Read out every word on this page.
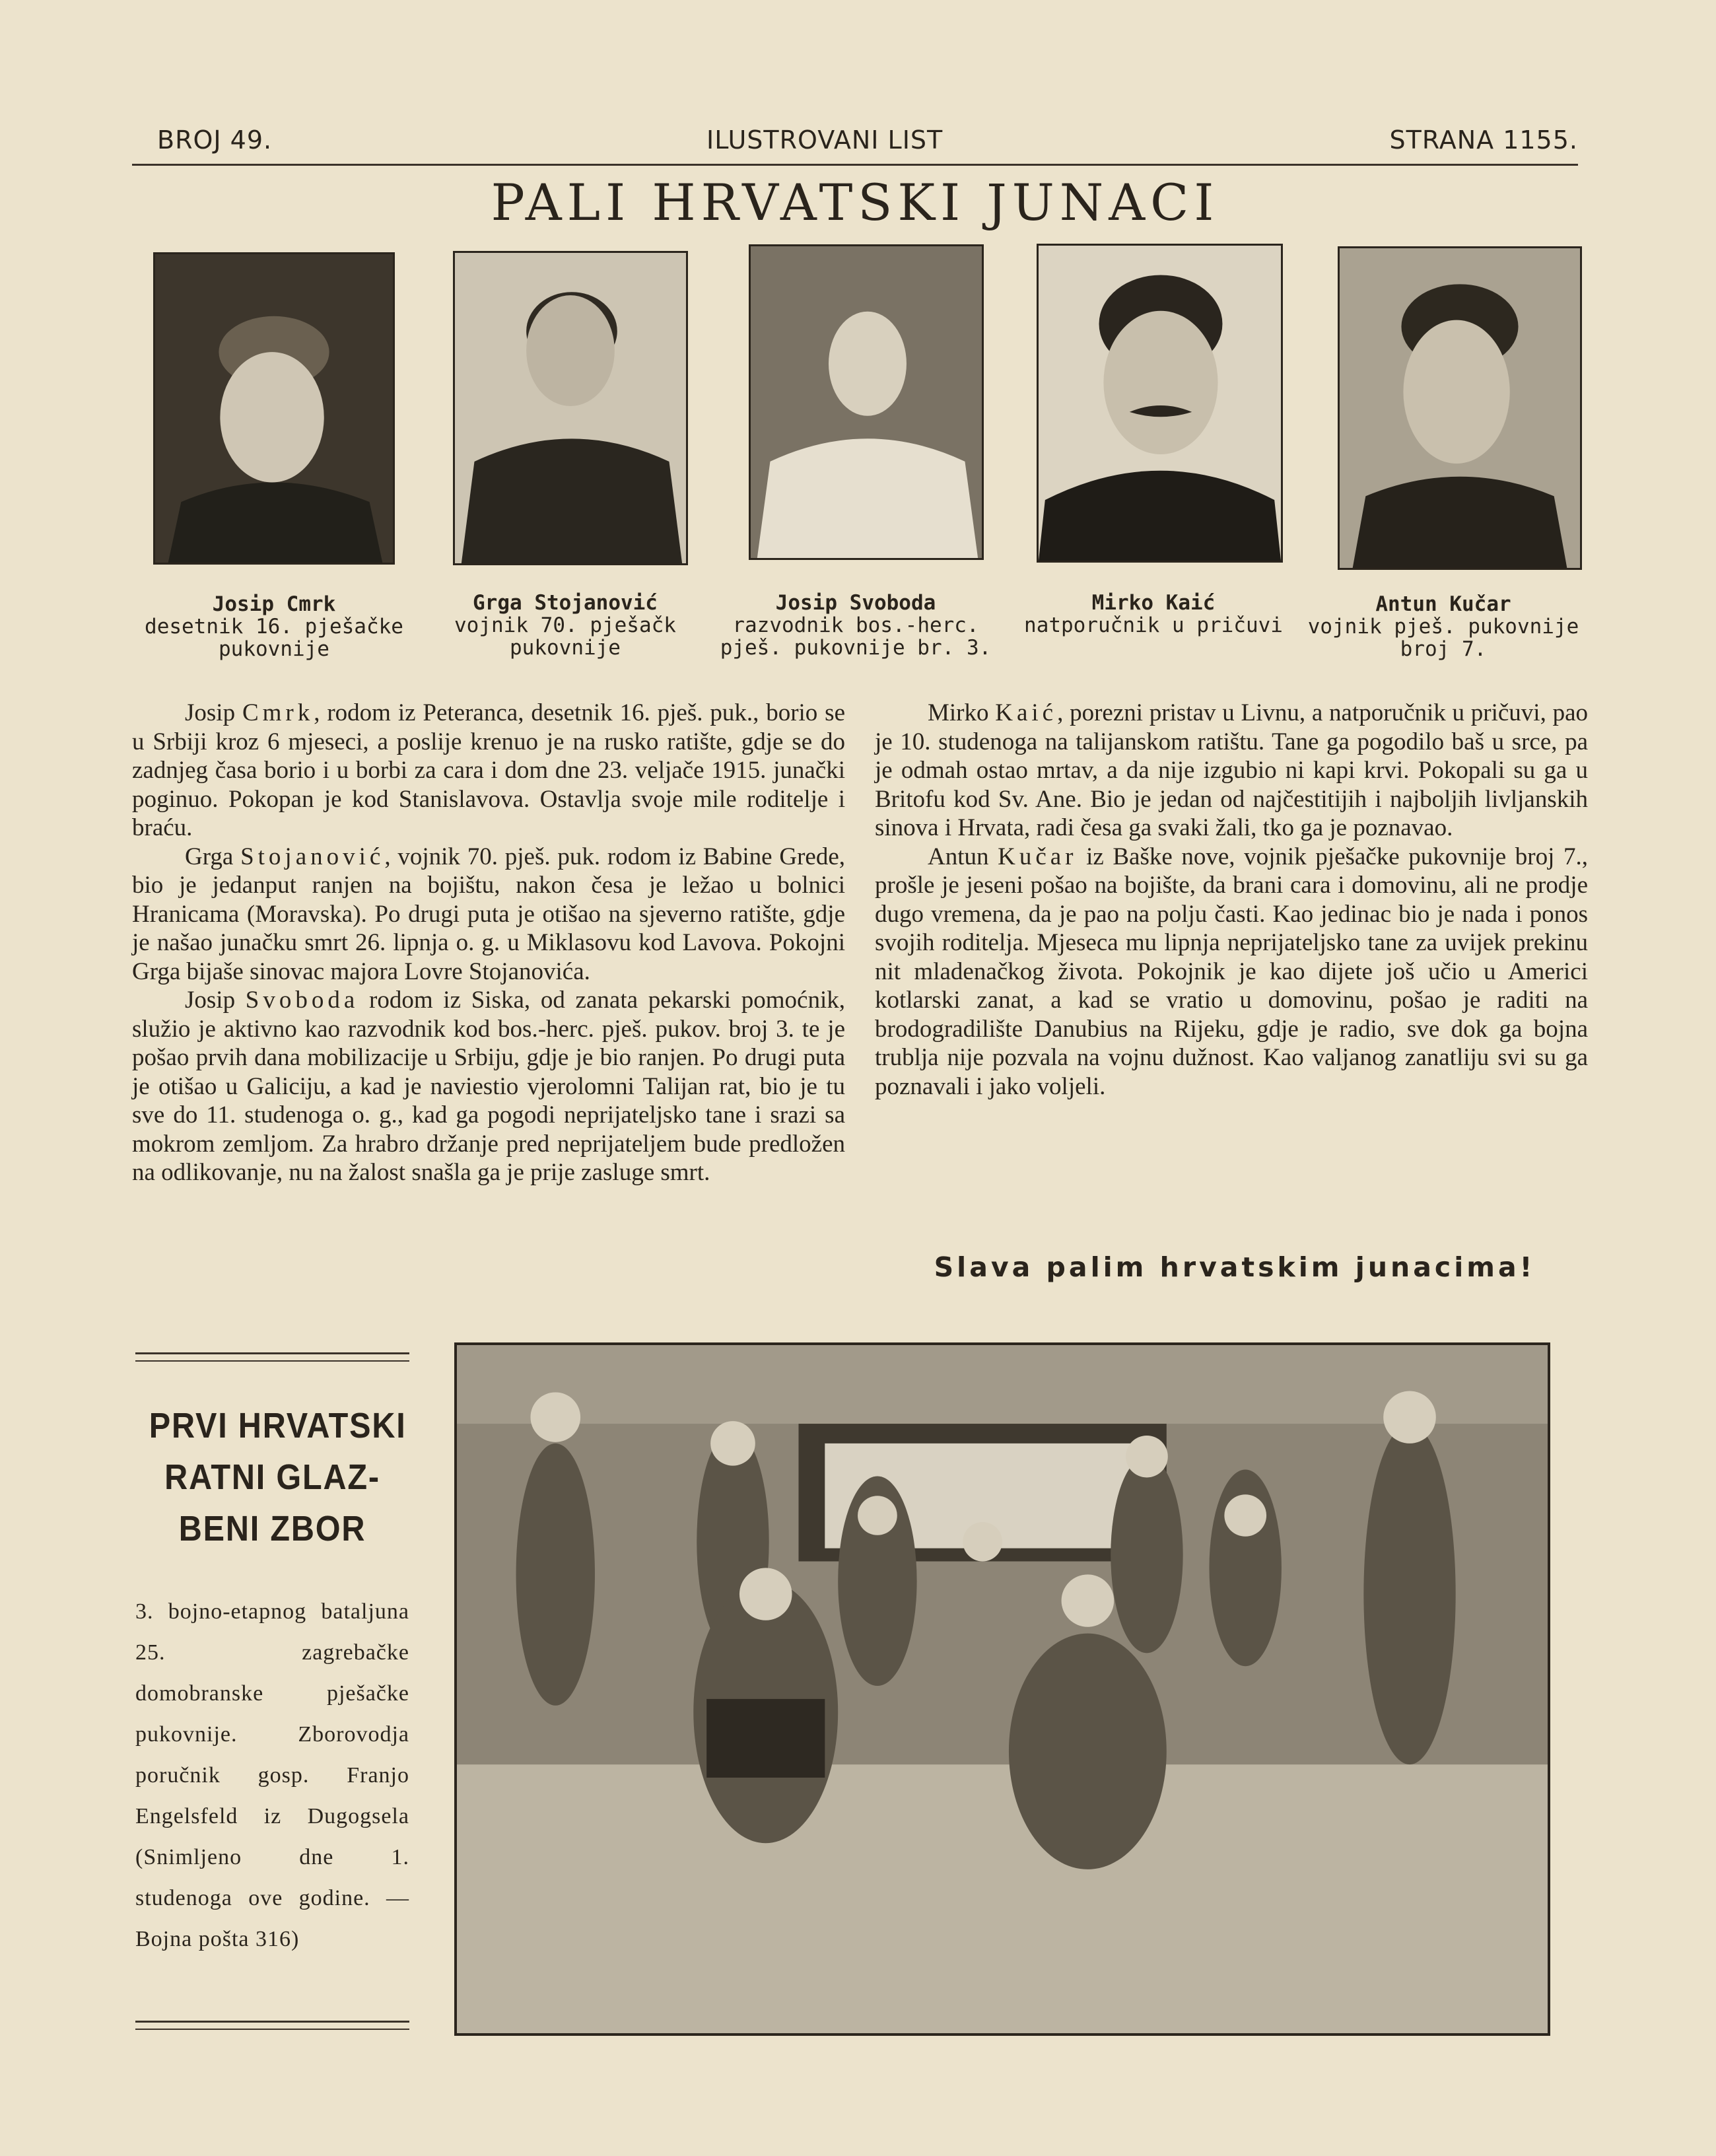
BROJ 49.	ILUSTROVANI LIST	STRANA 1155.
PALI HRVATSKI JUNACI
Josip Cmrk
desetnik 16. pješačke pukovnije
Grga Stojanović
vojnik 70. pješačk pukovnije
Josip Svoboda
razvodnik bos.-herc. pješ. pukovnije br. 3.
Mirko Kaić
natporučnik u pričuvi
Antun Kučar
vojnik pješ. pukovnije broj 7.

Josip Cmrk, rodom iz Peteranca, desetnik 16. pješ. puk., borio se u Srbiji kroz 6 mjeseci, a poslije krenuo je na rusko ratište, gdje se do zadnjeg časa borio i u borbi za cara i dom dne 23. veljače 1915. junački poginuo. Pokopan je kod Stanislavova. Ostavlja svoje mile roditelje i braću.

Grga Stojanović, vojnik 70. pješ. puk. rodom iz Babine Grede, bio je jedanput ranjen na bojištu, nakon česa je ležao u bolnici Hranicama (Moravska). Po drugi puta je otišao na sjeverno ratište, gdje je našao junačku smrt 26. lipnja o. g. u Miklasovu kod Lavova. Pokojni Grga bijaše sinovac majora Lovre Stojanovića.

Josip Svoboda rodom iz Siska, od zanata pekarski pomoćnik, služio je aktivno kao razvodnik kod bos.-herc. pješ. pukov. broj 3. te je pošao prvih dana mobilizacije u Srbiju, gdje je bio ranjen. Po drugi puta je otišao u Galiciju, a kad je naviestio vjerolomni Talijan rat, bio je tu sve do 11. studenoga o. g., kad ga pogodi neprijateljsko tane i srazi sa mokrom zemljom. Za hrabro držanje pred neprijateljem bude predložen na odlikovanje, nu na žalost snašla ga je prije zasluge smrt.

Mirko Kaić, porezni pristav u Livnu, a natporučnik u pričuvi, pao je 10. studenoga na talijanskom ratištu. Tane ga pogodilo baš u srce, pa je odmah ostao mrtav, a da nije izgubio ni kapi krvi. Pokopali su ga u Britofu kod Sv. Ane. Bio je jedan od najčestitijih i najboljih livljanskih sinova i Hrvata, radi česa ga svaki žali, tko ga je poznavao.

Antun Kučar iz Baške nove, vojnik pješačke pukovnije broj 7., prošle je jeseni pošao na bojište, da brani cara i domovinu, ali ne prodje dugo vremena, da je pao na polju časti. Kao jedinac bio je nada i ponos svojih roditelja. Mjeseca mu lipnja neprijateljsko tane za uvijek prekinu nit mladenačkog života. Pokojnik je kao dijete još učio u Americi kotlarski zanat, a kad se vratio u domovinu, pošao je raditi na brodogradilište Danubius na Rijeku, gdje je radio, sve dok ga bojna trublja nije pozvala na vojnu dužnost. Kao valjanog zanatliju svi su ga poznavali i jako voljeli.

Slava palim hrvatskim junacima!
PRVI HRVATSKI
RATNI GLAZ-
BENI ZBOR
3. bojno-etapnog bataljuna 25. zagrebačke domobranske pješačke pukovnije. Zborovodja poručnik gosp. Franjo Engelsfeld iz Dugogsela (Snimljeno dne 1. studenoga ove godine. — Bojna pošta 316)
